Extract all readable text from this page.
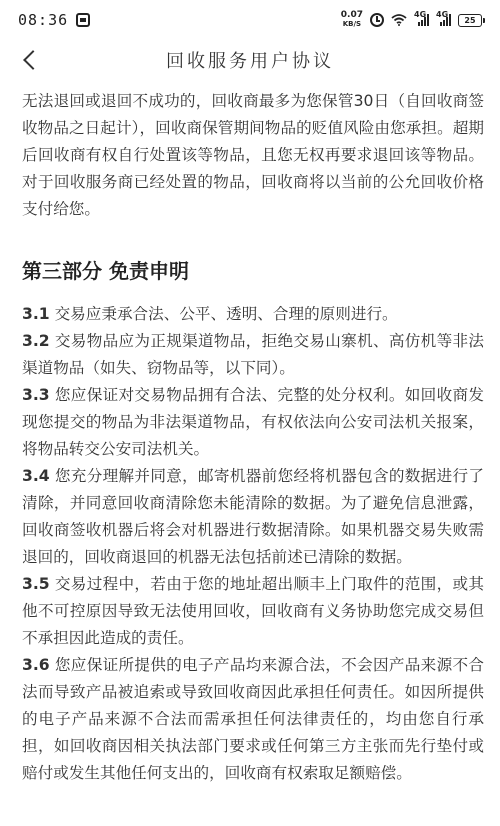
08:36	0.07
KB/S
4G 4G
25
回收服务用户协议

无法退回或退回不成功的，回收商最多为您保管30日（自回收商签收物品之日起计），回收商保管期间物品的贬值风险由您承担。超期后回收商有权自行处置该等物品，且您无权再要求退回该等物品。对于回收服务商已经处置的物品，回收商将以当前的公允回收价格支付给您。

第三部分 免责申明

3.1 交易应秉承合法、公平、透明、合理的原则进行。

3.2 交易物品应为正规渠道物品，拒绝交易山寨机、高仿机等非法渠道物品（如失、窃物品等，以下同）。

3.3 您应保证对交易物品拥有合法、完整的处分权利。如回收商发现您提交的物品为非法渠道物品，有权依法向公安司法机关报案，将物品转交公安司法机关。

3.4 您充分理解并同意，邮寄机器前您经将机器包含的数据进行了清除，并同意回收商清除您未能清除的数据。为了避免信息泄露，回收商签收机器后将会对机器进行数据清除。如果机器交易失败需退回的，回收商退回的机器无法包括前述已清除的数据。

3.5 交易过程中，若由于您的地址超出顺丰上门取件的范围，或其他不可控原因导致无法使用回收，回收商有义务协助您完成交易但不承担因此造成的责任。

3.6 您应保证所提供的电子产品均来源合法，不会因产品来源不合法而导致产品被追索或导致回收商因此承担任何责任。如因所提供的电子产品来源不合法而需承担任何法律责任的，均由您自行承担，如回收商因相关执法部门要求或任何第三方主张而先行垫付或赔付或发生其他任何支出的，回收商有权索取足额赔偿。
